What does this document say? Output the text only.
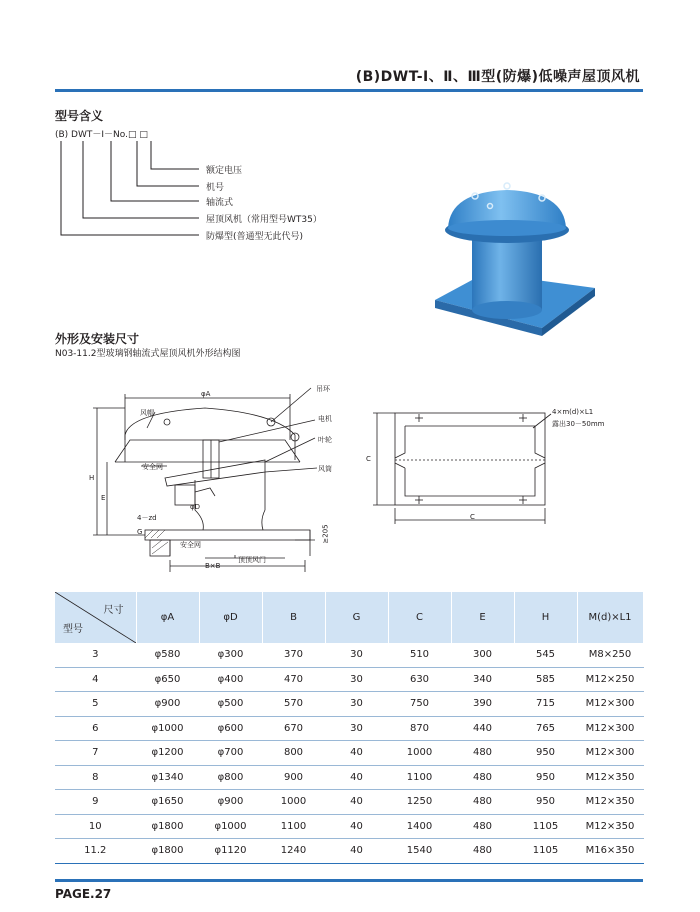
(B)DWT-Ⅰ、Ⅱ、Ⅲ型(防爆)低噪声屋顶风机
型号含义
(B) DWT－Ⅰ－No.□ □
额定电压
机号
轴流式
屋顶风机（常用型号WT35）
防爆型(普通型无此代号)
外形及安装尺寸
N03-11.2型玻璃钢轴流式屋顶风机外形结构图
φA
吊环
风帽
电机
叶轮
安全网	风筒
φD
4－zd
G
安全网
≥205
顶顶风门
B×B
H
E
4×m(d)×L1
露出30－50mm
C
C
尺寸
型号	φA	φD	B	G	C	E	H	M(d)×L1
3	φ580	φ300	370	30	510	300	545	M8×250
4	φ650	φ400	470	30	630	340	585	M12×250
5	φ900	φ500	570	30	750	390	715	M12×300
6	φ1000	φ600	670	30	870	440	765	M12×300
7	φ1200	φ700	800	40	1000	480	950	M12×300
8	φ1340	φ800	900	40	1100	480	950	M12×350
9	φ1650	φ900	1000	40	1250	480	950	M12×350
10	φ1800	φ1000	1100	40	1400	480	1105	M12×350
11.2	φ1800	φ1120	1240	40	1540	480	1105	M16×350
PAGE.27
